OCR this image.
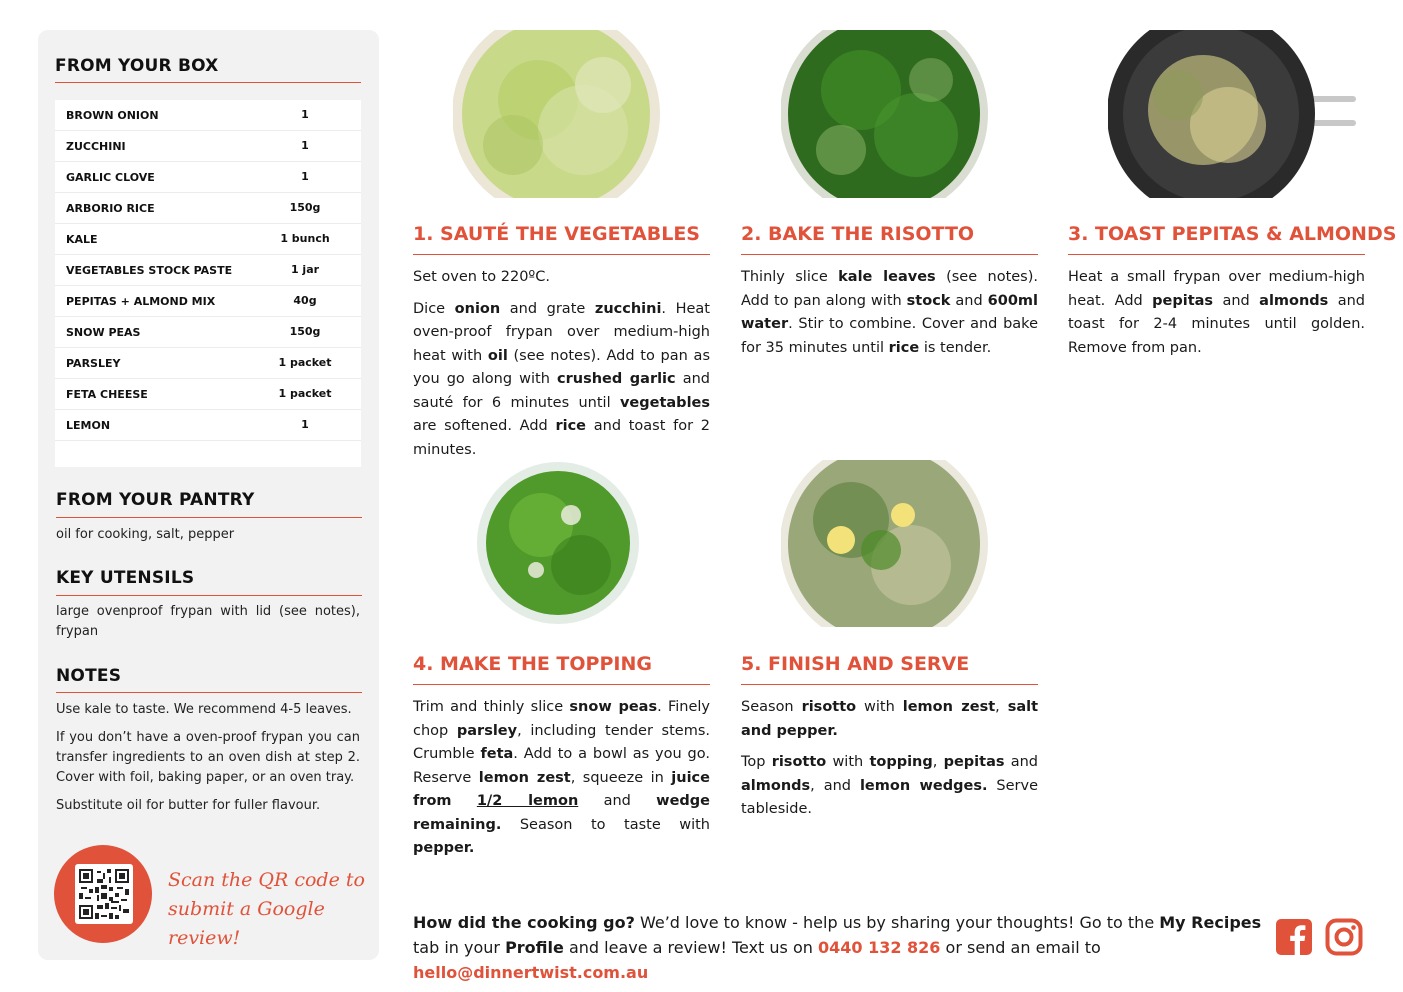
FROM YOUR BOX
BROWN ONION	1
ZUCCHINI	1
GARLIC CLOVE	1
ARBORIO RICE	150g
KALE	1 bunch
VEGETABLES STOCK PASTE	1 jar
PEPITAS + ALMOND MIX	40g
SNOW PEAS	150g
PARSLEY	1 packet
FETA CHEESE	1 packet
LEMON	1
FROM YOUR PANTRY
oil for cooking, salt, pepper
KEY UTENSILS
large ovenproof frypan with lid (see notes), frypan
NOTES
Use kale to taste. We recommend 4-5 leaves.
If you don’t have a oven-proof frypan you can transfer ingredients to an oven dish at step 2. Cover with foil, baking paper, or an oven tray.
Substitute oil for butter for fuller flavour.
Scan the QR code to
submit a Google review!
1. SAUTÉ THE VEGETABLES

Set oven to 220ºC.

Dice onion and grate zucchini. Heat oven-proof frypan over medium-high heat with oil (see notes). Add to pan as you go along with crushed garlic and sauté for 6 minutes until vegetables are softened. Add rice and toast for 2 minutes.

2. BAKE THE RISOTTO

Thinly slice kale leaves (see notes). Add to pan along with stock and 600ml water. Stir to combine. Cover and bake for 35 minutes until rice is tender.

3. TOAST PEPITAS & ALMONDS

Heat a small frypan over medium-high heat. Add pepitas and almonds and toast for 2-4 minutes until golden. Remove from pan.

4. MAKE THE TOPPING

Trim and thinly slice snow peas. Finely chop parsley, including tender stems. Crumble feta. Add to a bowl as you go. Reserve lemon zest, squeeze in juice from 1/2 lemon and wedge remaining. Season to taste with pepper.

5. FINISH AND SERVE

Season risotto with lemon zest, salt and pepper.

Top risotto with topping, pepitas and almonds, and lemon wedges. Serve tableside.

How did the cooking go? We’d love to know - help us by sharing your thoughts! Go to the My Recipes tab in your Profile and leave a review! Text us on 0440 132 826 or send an email to hello@dinnertwist.com.au
